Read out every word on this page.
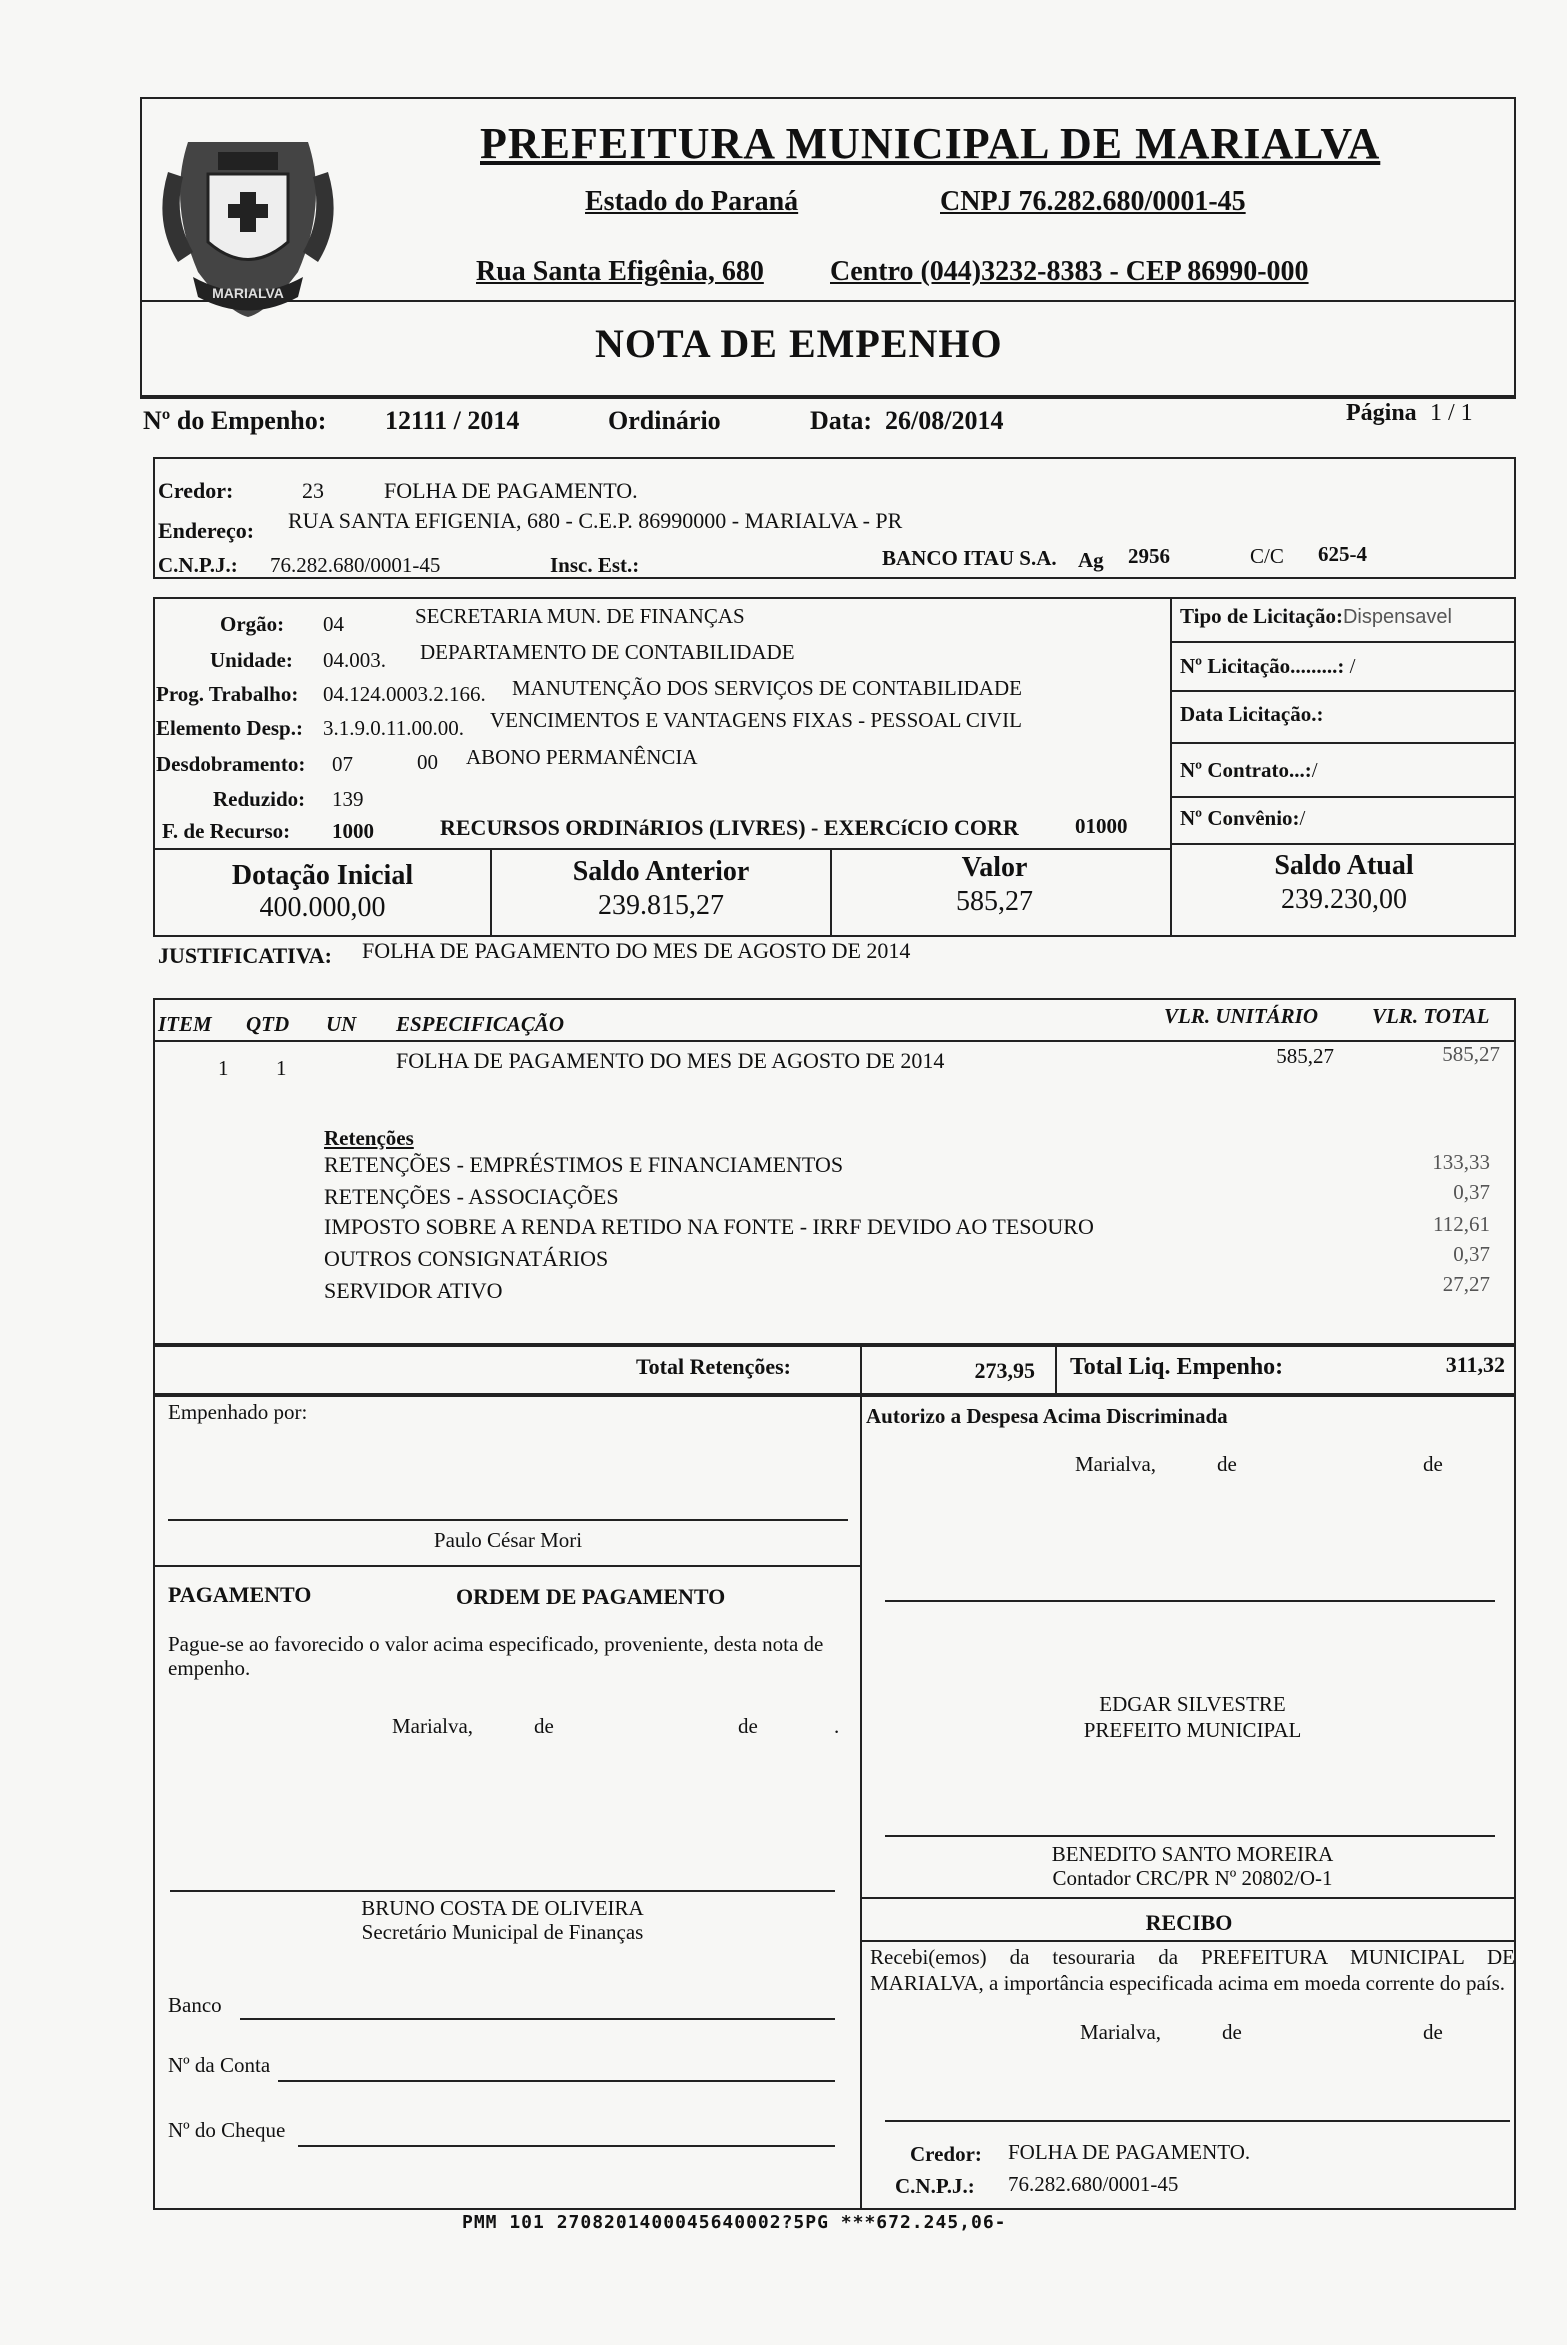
MARIALVA
PREFEITURA MUNICIPAL DE MARIALVA
Estado do Paraná	CNPJ 76.282.680/0001-45
Rua Santa Efigênia, 680 Centro (044)3232-8383 - CEP 86990-000
NOTA DE EMPENHO
Nº do Empenho: 12111 / 2014	Ordinário	Data: 26/08/2014	Página 1 / 1
Credor:	23	FOLHA DE PAGAMENTO.
Endereço: RUA SANTA EFIGENIA, 680 - C.E.P. 86990000 - MARIALVA - PR
C.N.P.J.: 76.282.680/0001-45	Insc. Est.:	BANCO ITAU S.A. Ag 2956	C/C 625-4
Orgão: 04	SECRETARIA MUN. DE FINANÇAS
Unidade: 04.003. DEPARTAMENTO DE CONTABILIDADE
Prog. Trabalho: 04.124.0003.2.166. MANUTENÇÃO DOS SERVIÇOS DE CONTABILIDADE
Elemento Desp.: 3.1.9.0.11.00.00. VENCIMENTOS E VANTAGENS FIXAS - PESSOAL CIVIL
Desdobramento: 07	00 ABONO PERMANÊNCIA
Reduzido: 139
F. de Recurso: 1000	RECURSOS ORDINáRIOS (LIVRES) - EXERCíCIO CORR	01000
Tipo de Licitação:Dispensavel
Nº Licitação.........: /
Data Licitação.:
Nº Contrato...:/
Nº Convênio:/
Dotação Inicial
400.000,00
Saldo Anterior
239.815,27
Valor
585,27
Saldo Atual
239.230,00
JUSTIFICATIVA: FOLHA DE PAGAMENTO DO MES DE AGOSTO DE 2014
ITEM QTD UN ESPECIFICAÇÃO	VLR. UNITÁRIO	VLR. TOTAL
1 1	FOLHA DE PAGAMENTO DO MES DE AGOSTO DE 2014	585,27	585,27
Retenções
RETENÇÕES - EMPRÉSTIMOS E FINANCIAMENTOS	133,33
RETENÇÕES - ASSOCIAÇÕES	0,37
IMPOSTO SOBRE A RENDA RETIDO NA FONTE - IRRF DEVIDO AO TESOURO	112,61
OUTROS CONSIGNATÁRIOS	0,37
SERVIDOR ATIVO	27,27
Total Retenções:	273,95 Total Liq. Empenho:	311,32
Empenhado por:
Paulo César Mori
Autorizo a Despesa Acima Discriminada
Marialva,	de	de
PAGAMENTO	ORDEM DE PAGAMENTO
Pague-se ao favorecido o valor acima especificado, proveniente, desta nota de empenho.
Marialva,	de	de	.
EDGAR SILVESTRE
PREFEITO MUNICIPAL
BENEDITO SANTO MOREIRA
Contador CRC/PR Nº 20802/O-1
BRUNO COSTA DE OLIVEIRA
Secretário Municipal de Finanças
Banco
Nº da Conta
Nº do Cheque
RECIBO
Recebi(emos) da tesouraria da PREFEITURA MUNICIPAL DE MARIALVA, a importância especificada acima em moeda corrente do país.
Marialva,	de	de
Credor: FOLHA DE PAGAMENTO.
C.N.P.J.: 76.282.680/0001-45
PMM 101 2708201400045640002?5PG ***672.245,06-
